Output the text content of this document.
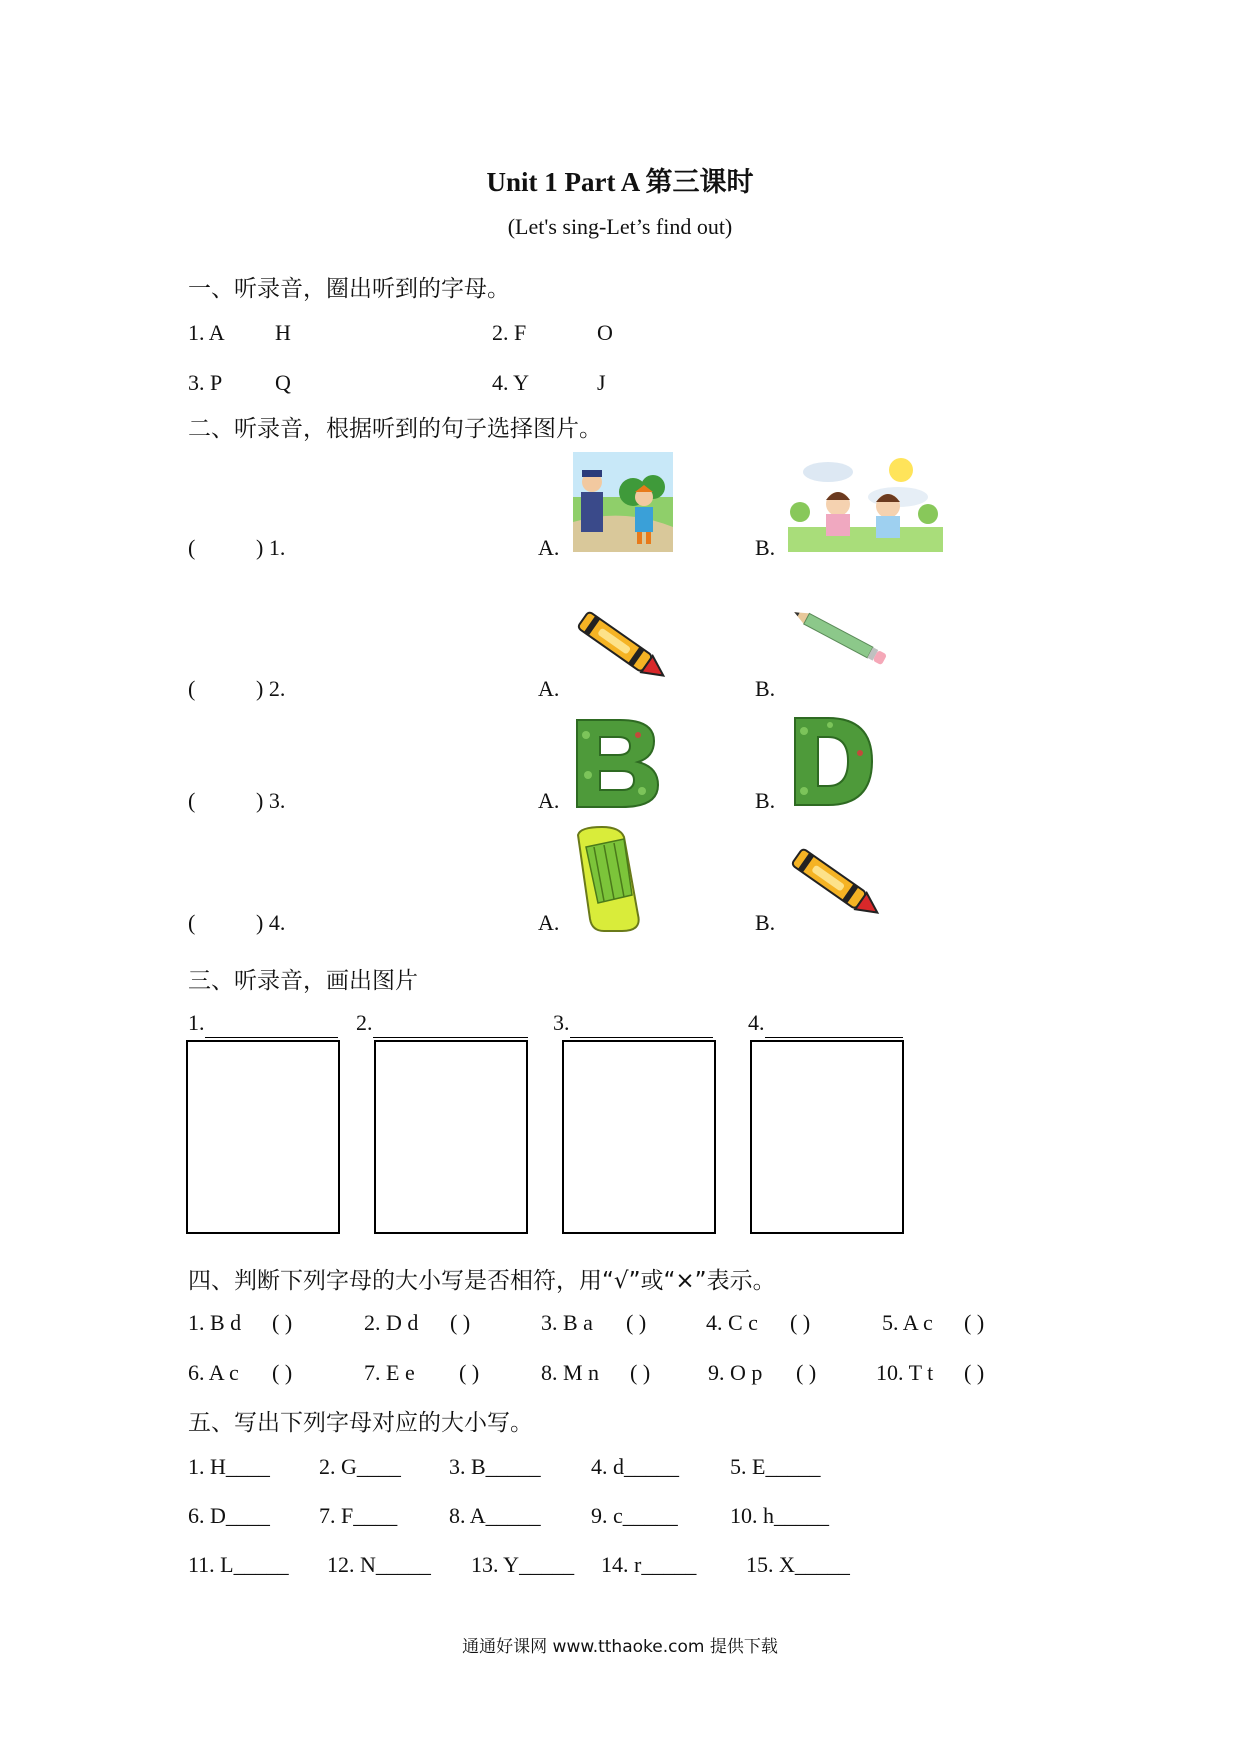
Unit 1 Part A 第三课时
(Let's sing-Let’s find out)
一、听录音，圈出听到的字母。
1. A H	2. F	O
3. P Q	4. Y	J
二、听录音，根据听到的句子选择图片。
(	) 1.	A.	B.
(	) 2.	A.	B.
(	) 3.	A.	B.
(	) 4.	A.	B.
三、听录音，画出图片
1.	2.	3.	4.
四、判断下列字母的大小写是否相符，用“√”或“×”表示。
1. B d ( )	2. D d ( )	3. B a ( )	4. C c ( )	5. A c ( )
6. A c ( )	7. E e ( )	8. M n ( )	9. O p ( )	10. T t ( )
五、写出下列字母对应的大小写。
1. H____ 2. G____ 3. B_____ 4. d_____ 5. E_____
6. D____ 7. F____ 8. A_____ 9. c_____ 10. h_____
11. L_____ 12. N_____ 13. Y_____ 14. r_____ 15. X_____
通通好课网 www.tthaoke.com 提供下载
